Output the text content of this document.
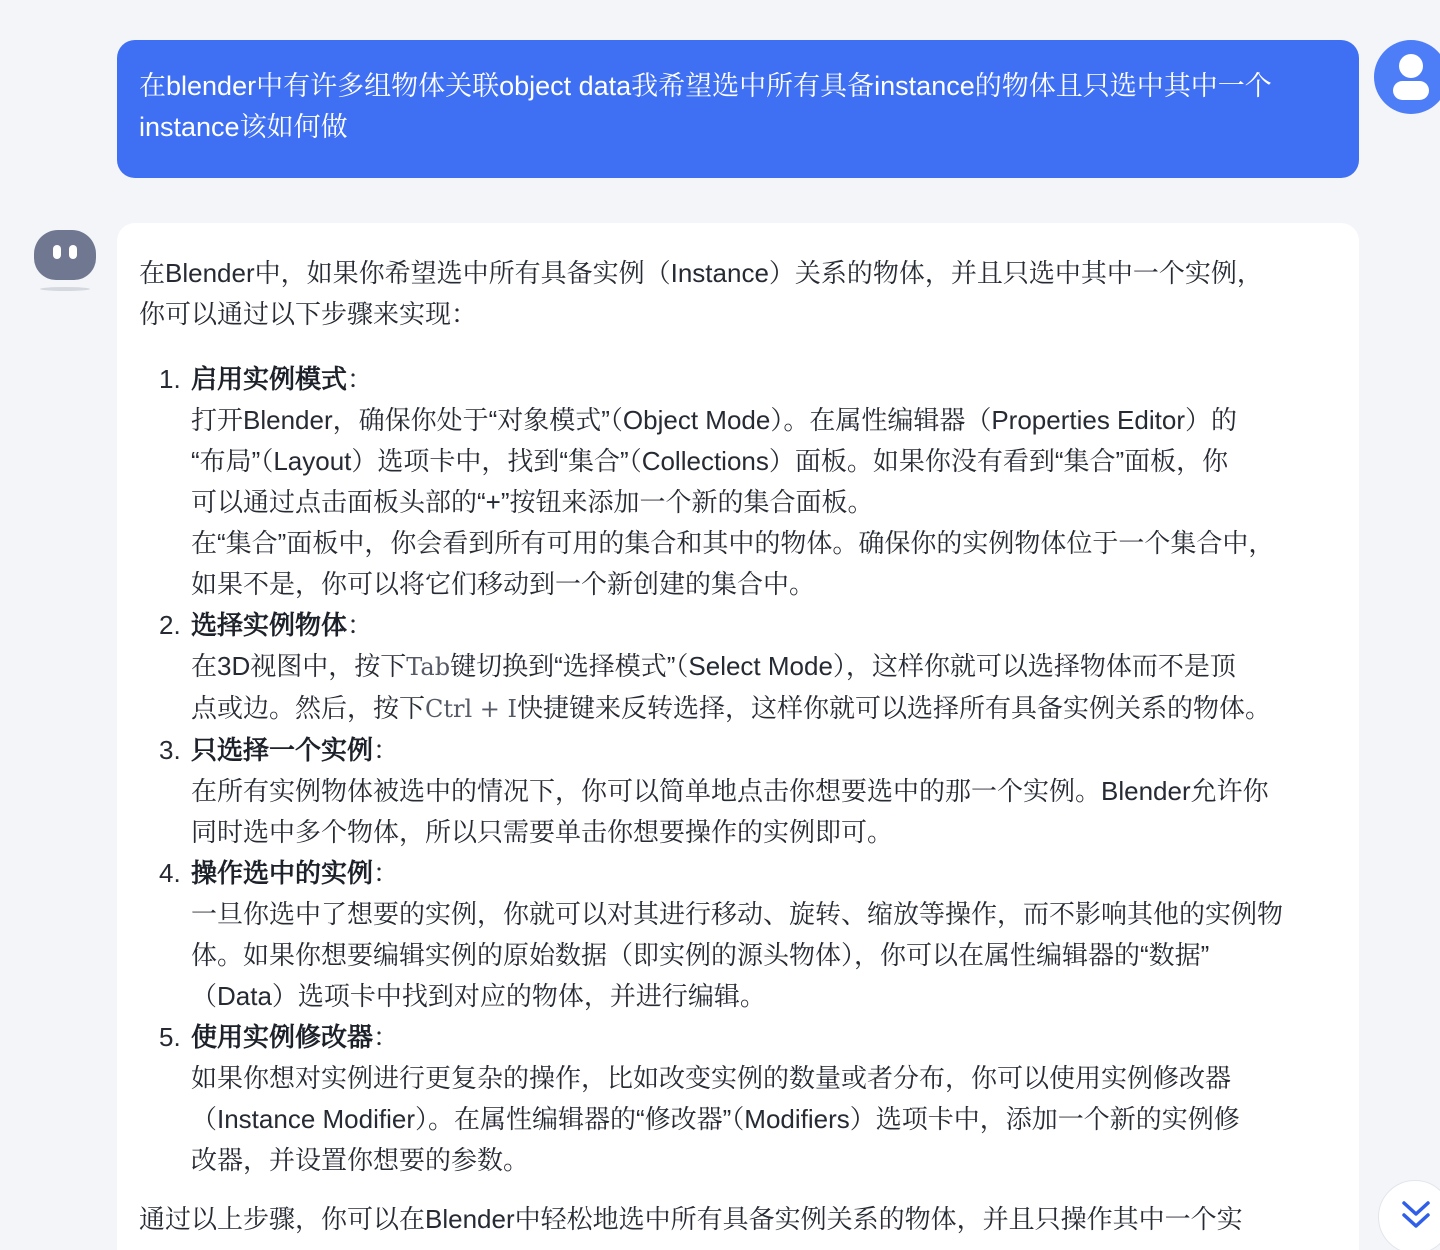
在blender中有许多组物体关联object data我希望选中所有具备instance的物体且只选中其中一个
instance该如何做
在Blender中，如果你希望选中所有具备实例（Instance）关系的物体，并且只选中其中一个实例，
你可以通过以下步骤来实现：
1. 启用实例模式：

打开Blender，确保你处于“对象模式”（Object Mode）。在属性编辑器（Properties Editor）的

“布局”（Layout）选项卡中，找到“集合”（Collections）面板。如果你没有看到“集合”面板，你

可以通过点击面板头部的“+”按钮来添加一个新的集合面板。

在“集合”面板中，你会看到所有可用的集合和其中的物体。确保你的实例物体位于一个集合中，

如果不是，你可以将它们移动到一个新创建的集合中。

2. 选择实例物体：

在3D视图中，按下Tab键切换到“选择模式”（Select Mode），这样你就可以选择物体而不是顶

点或边。然后，按下Ctrl + I快捷键来反转选择，这样你就可以选择所有具备实例关系的物体。

3. 只选择一个实例：

在所有实例物体被选中的情况下，你可以简单地点击你想要选中的那一个实例。Blender允许你

同时选中多个物体，所以只需要单击你想要操作的实例即可。

4. 操作选中的实例：

一旦你选中了想要的实例，你就可以对其进行移动、旋转、缩放等操作，而不影响其他的实例物

体。如果你想要编辑实例的原始数据（即实例的源头物体），你可以在属性编辑器的“数据”

（Data）选项卡中找到对应的物体，并进行编辑。

5. 使用实例修改器：

如果你想对实例进行更复杂的操作，比如改变实例的数量或者分布，你可以使用实例修改器

（Instance Modifier）。在属性编辑器的“修改器”（Modifiers）选项卡中，添加一个新的实例修

改器，并设置你想要的参数。

通过以上步骤，你可以在Blender中轻松地选中所有具备实例关系的物体，并且只操作其中一个实
